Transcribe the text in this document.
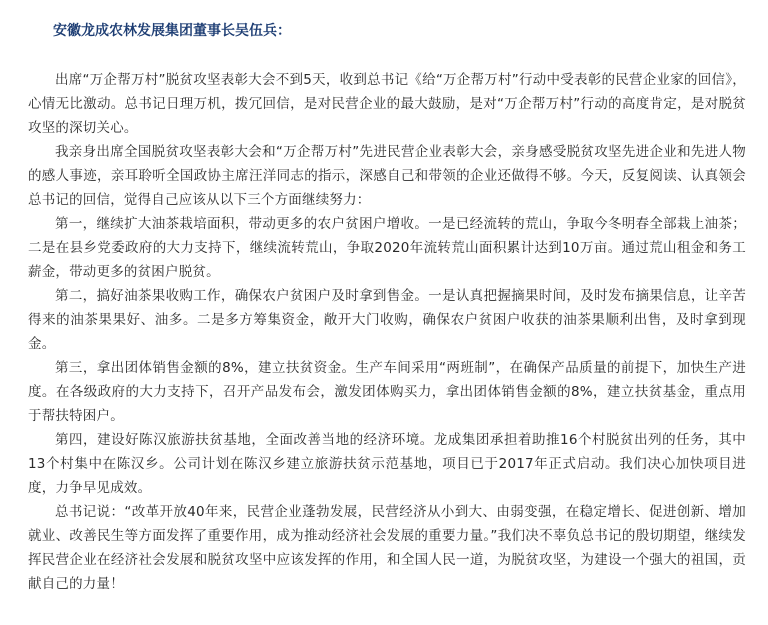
安徽龙成农林发展集团董事长吴伍兵：

出席“万企帮万村”脱贫攻坚表彰大会不到5天，收到总书记《给“万企帮万村”行动中受表彰的民营企业家的回信》，心情无比激动。总书记日理万机，拨冗回信，是对民营企业的最大鼓励，是对“万企帮万村”行动的高度肯定，是对脱贫攻坚的深切关心。

我亲身出席全国脱贫攻坚表彰大会和“万企帮万村”先进民营企业表彰大会，亲身感受脱贫攻坚先进企业和先进人物的感人事迹，亲耳聆听全国政协主席汪洋同志的指示，深感自己和带领的企业还做得不够。今天，反复阅读、认真领会总书记的回信，觉得自己应该从以下三个方面继续努力：

第一，继续扩大油茶栽培面积，带动更多的农户贫困户增收。一是已经流转的荒山，争取今冬明春全部栽上油茶；二是在县乡党委政府的大力支持下，继续流转荒山，争取2020年流转荒山面积累计达到10万亩。通过荒山租金和务工薪金，带动更多的贫困户脱贫。

第二，搞好油茶果收购工作，确保农户贫困户及时拿到售金。一是认真把握摘果时间，及时发布摘果信息，让辛苦得来的油茶果果好、油多。二是多方筹集资金，敞开大门收购，确保农户贫困户收获的油茶果顺利出售，及时拿到现金。

第三，拿出团体销售金额的8%，建立扶贫资金。生产车间采用“两班制”，在确保产品质量的前提下，加快生产进度。在各级政府的大力支持下，召开产品发布会，激发团体购买力，拿出团体销售金额的8%，建立扶贫基金，重点用于帮扶特困户。

第四，建设好陈汉旅游扶贫基地，全面改善当地的经济环境。龙成集团承担着助推16个村脱贫出列的任务，其中13个村集中在陈汉乡。公司计划在陈汉乡建立旅游扶贫示范基地，项目已于2017年正式启动。我们决心加快项目进度，力争早见成效。

总书记说：“改革开放40年来，民营企业蓬勃发展，民营经济从小到大、由弱变强，在稳定增长、促进创新、增加就业、改善民生等方面发挥了重要作用，成为推动经济社会发展的重要力量。”我们决不辜负总书记的殷切期望，继续发挥民营企业在经济社会发展和脱贫攻坚中应该发挥的作用，和全国人民一道，为脱贫攻坚，为建设一个强大的祖国，贡献自己的力量！
